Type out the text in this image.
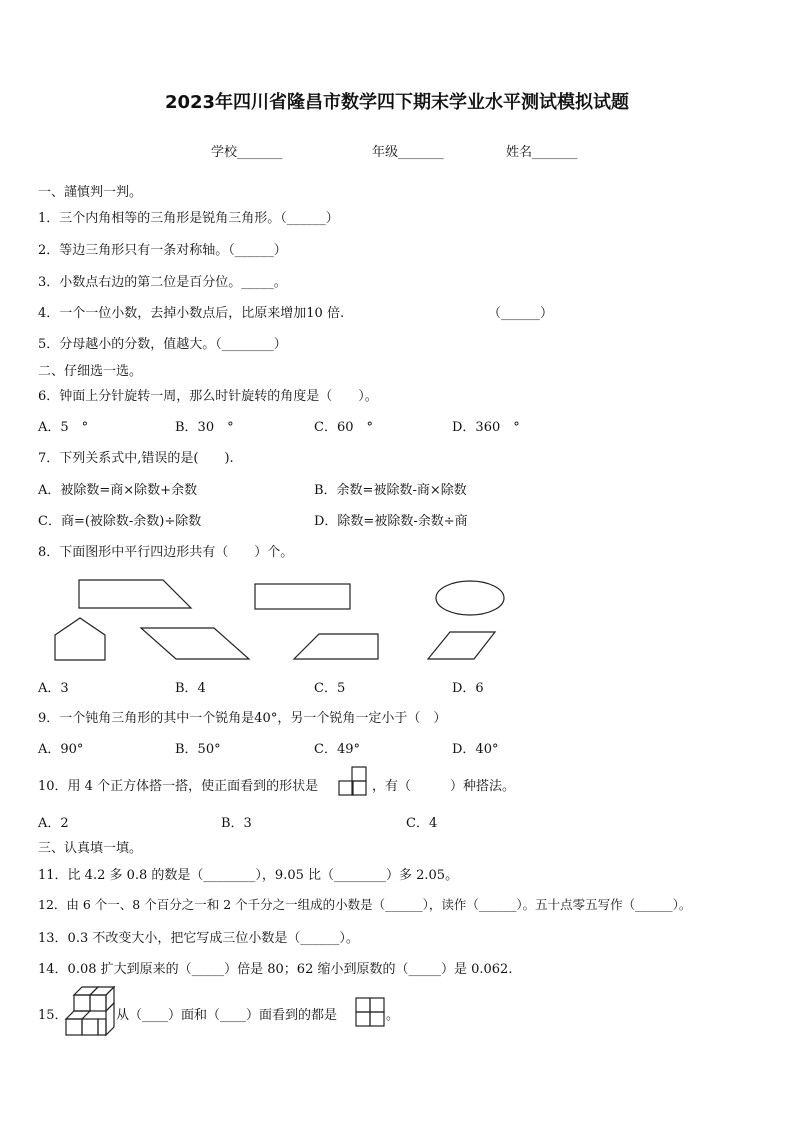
2023年四川省隆昌市数学四下期末学业水平测试模拟试题
学校_______	年级_______	姓名_______
一、謹慎判一判。
1．三个内角相等的三角形是锐角三角形。（______）
2．等边三角形只有一条对称轴。（______）
3．小数点右边的第二位是百分位。_____。
4．一个一位小数，去掉小数点后，比原来增加10 倍.	（______）
5．分母越小的分数，值越大。（________）
二、仔细选一选。
6．钟面上分针旋转一周，那么时针旋转的角度是（　　）。
A．5　°	B．30　°	C．60　°	D．360　°
7．下列关系式中,错误的是(　　).
A．被除数=商×除数+余数	B．余数=被除数-商×除数
C．商=(被除数-余数)÷除数	D．除数=被除数-余数÷商
8．下面图形中平行四边形共有（　　）个。
A．3	B．4	C．5	D．6
9．一个钝角三角形的其中一个锐角是40°，另一个锐角一定小于（　）
A．90°	B．50°	C．49°	D．40°
10．用 4 个正方体搭一搭，使正面看到的形状是	，有（　　　）种搭法。
A．2	B．3	C．4
三、认真填一填。
11．比 4.2 多 0.8 的数是（________），9.05 比（________）多 2.05。
12．由 6 个一、8 个百分之一和 2 个千分之一组成的小数是（______），读作（______）。五十点零五写作（______）。
13．0.3 不改变大小，把它写成三位小数是（______）。
14．0.08 扩大到原来的（_____）倍是 80；62 缩小到原数的（_____）是 0.062.
15．	从（____）面和（____）面看到的都是	。
